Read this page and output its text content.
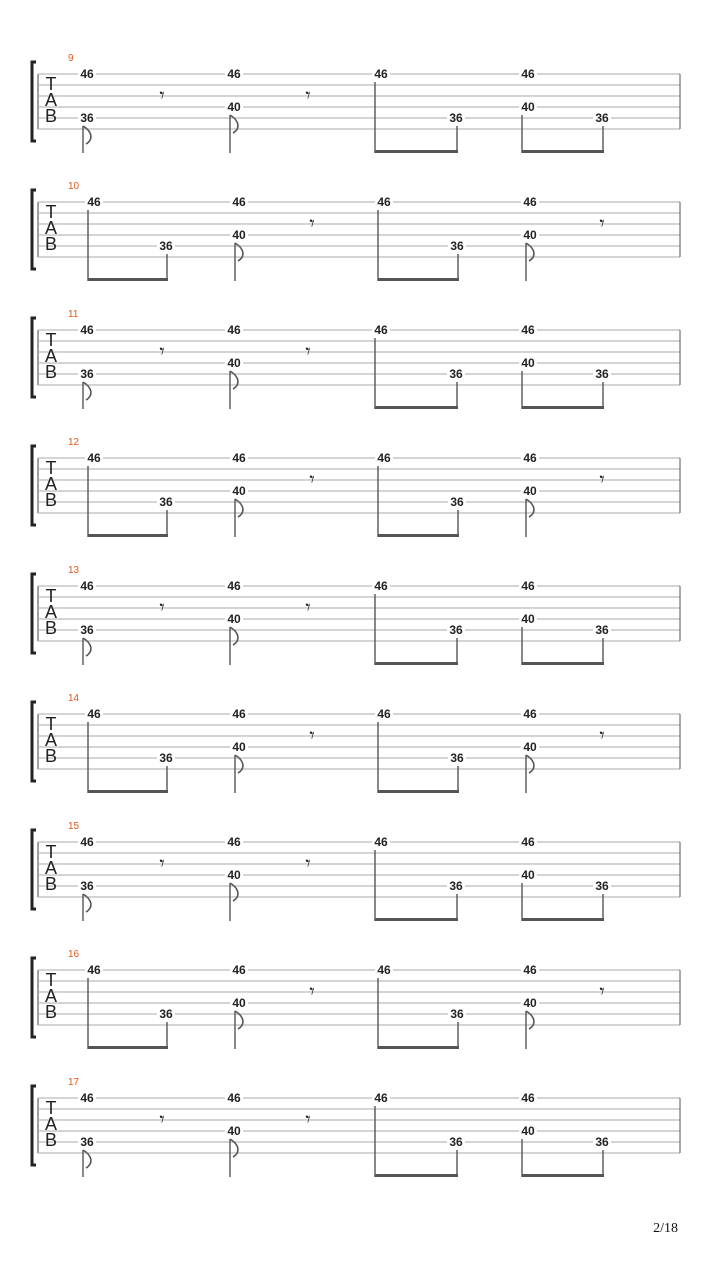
T
A
B
9
46
36
𝄾
46
40	𝄾
46
36
46
40
36
T
A
B
10
46
36
46
40	𝄾
46
36
46
40	𝄾
T
A
B
11
46
36
𝄾
46
40	𝄾
46
36
46
40
36
T
A
B
12
46
36
46
40	𝄾
46
36
46
40	𝄾
T
A
B
13
46
36
𝄾
46
40	𝄾
46
36
46
40
36
T
A
B
14
46
36
46
40	𝄾
46
36
46
40	𝄾
T
A
B
15
46
36
𝄾
46
40	𝄾
46
36
46
40
36
T
A
B
16
46
36
46
40	𝄾
46
36
46
40	𝄾
T
A
B
17
46
36
𝄾
46
40	𝄾
46
36
46
40
36
2/18
